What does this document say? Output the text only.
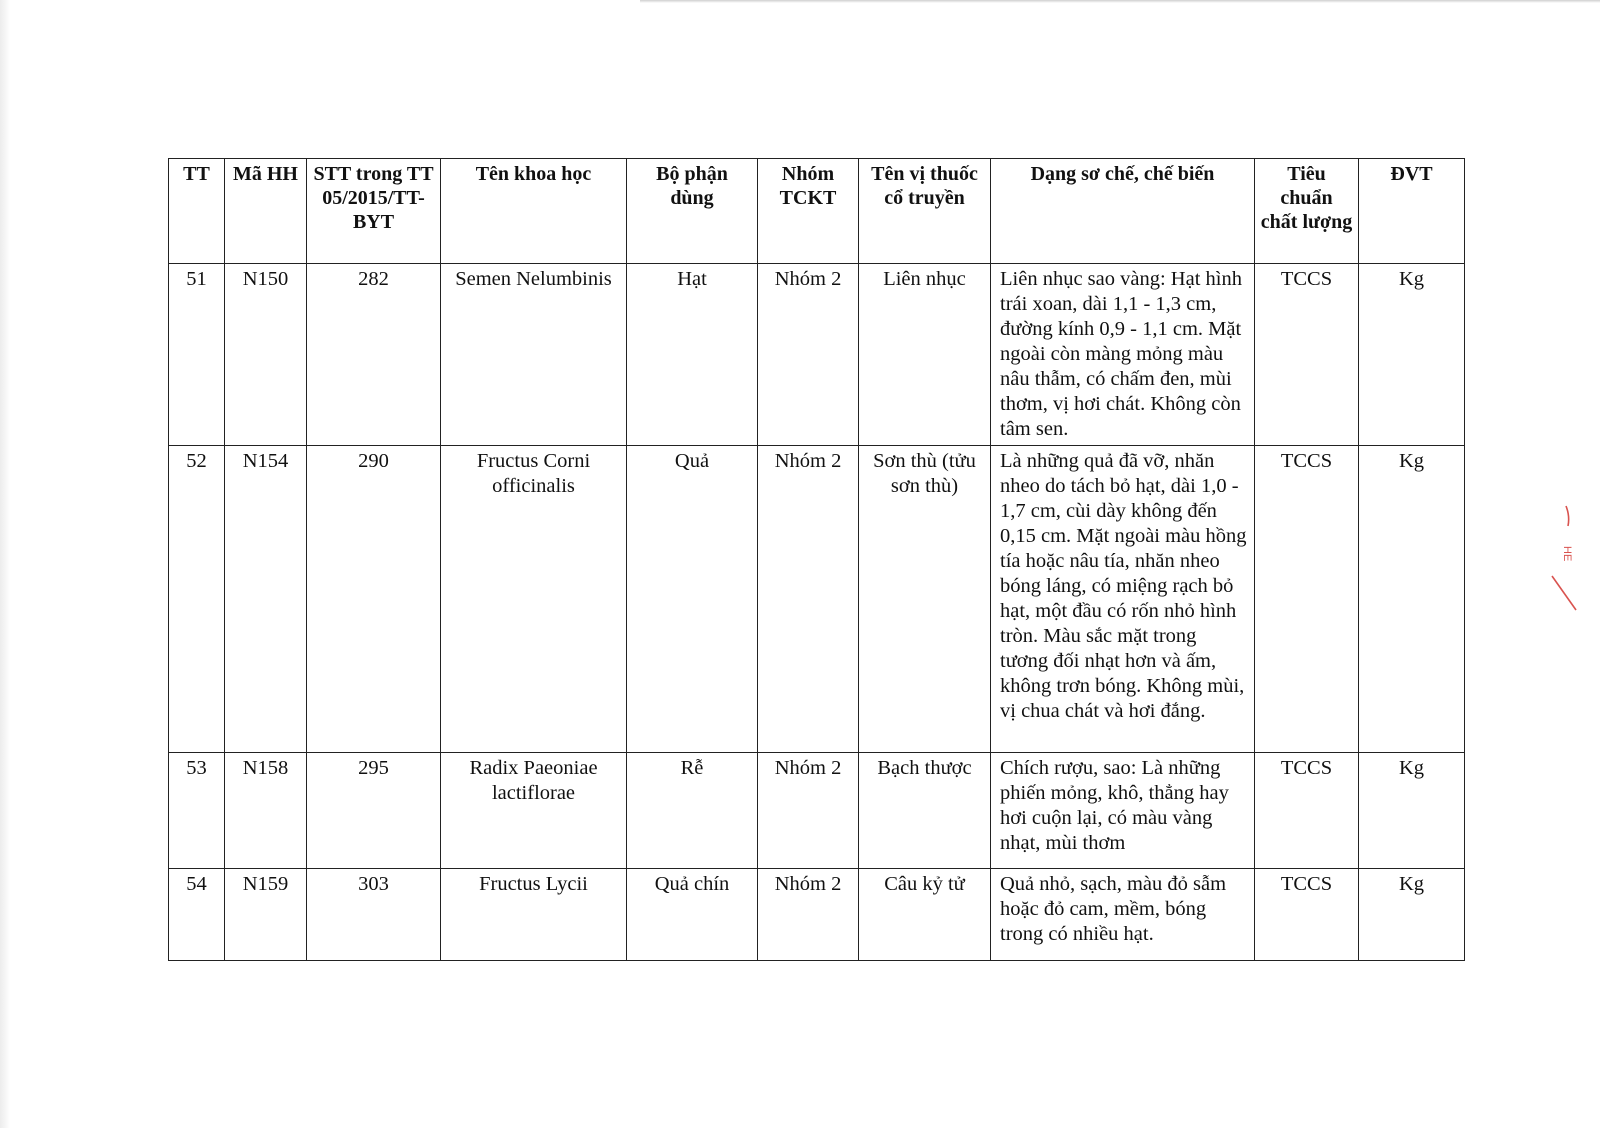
TT	Mã HH	STT trong TT 05/2015/TT-BYT	Tên khoa học	Bộ phận dùng	Nhóm TCKT	Tên vị thuốc cổ truyền	Dạng sơ chế, chế biến	Tiêu chuẩn chất lượng	ĐVT
51	N150	282	Semen Nelumbinis	Hạt	Nhóm 2	Liên nhục	Liên nhục sao vàng: Hạt hình trái xoan, dài 1,1 - 1,3 cm, đường kính 0,9 - 1,1 cm. Mặt ngoài còn màng mỏng màu nâu thẫm, có chấm đen, mùi thơm, vị hơi chát. Không còn tâm sen.	TCCS	Kg
52	N154	290	Fructus Corni officinalis	Quả	Nhóm 2	Sơn thù (tửu sơn thù)	Là những quả đã vỡ, nhăn nheo do tách bỏ hạt, dài 1,0 - 1,7 cm, cùi dày không đến 0,15 cm. Mặt ngoài màu hồng tía hoặc nâu tía, nhăn nheo bóng láng, có miệng rạch bỏ hạt, một đầu có rốn nhỏ hình tròn. Màu sắc mặt trong tương đối nhạt hơn và ấm, không trơn bóng. Không mùi, vị chua chát và hơi đắng.	TCCS	Kg
53	N158	295	Radix Paeoniae lactiflorae	Rễ	Nhóm 2	Bạch thược	Chích rượu, sao: Là những phiến mỏng, khô, thẳng hay hơi cuộn lại, có màu vàng nhạt, mùi thơm	TCCS	Kg
54	N159	303	Fructus Lycii	Quả chín	Nhóm 2	Câu kỷ tử	Quả nhỏ, sạch, màu đỏ sẫm hoặc đỏ cam, mềm, bóng trong có nhiều hạt.	TCCS	Kg
HE
